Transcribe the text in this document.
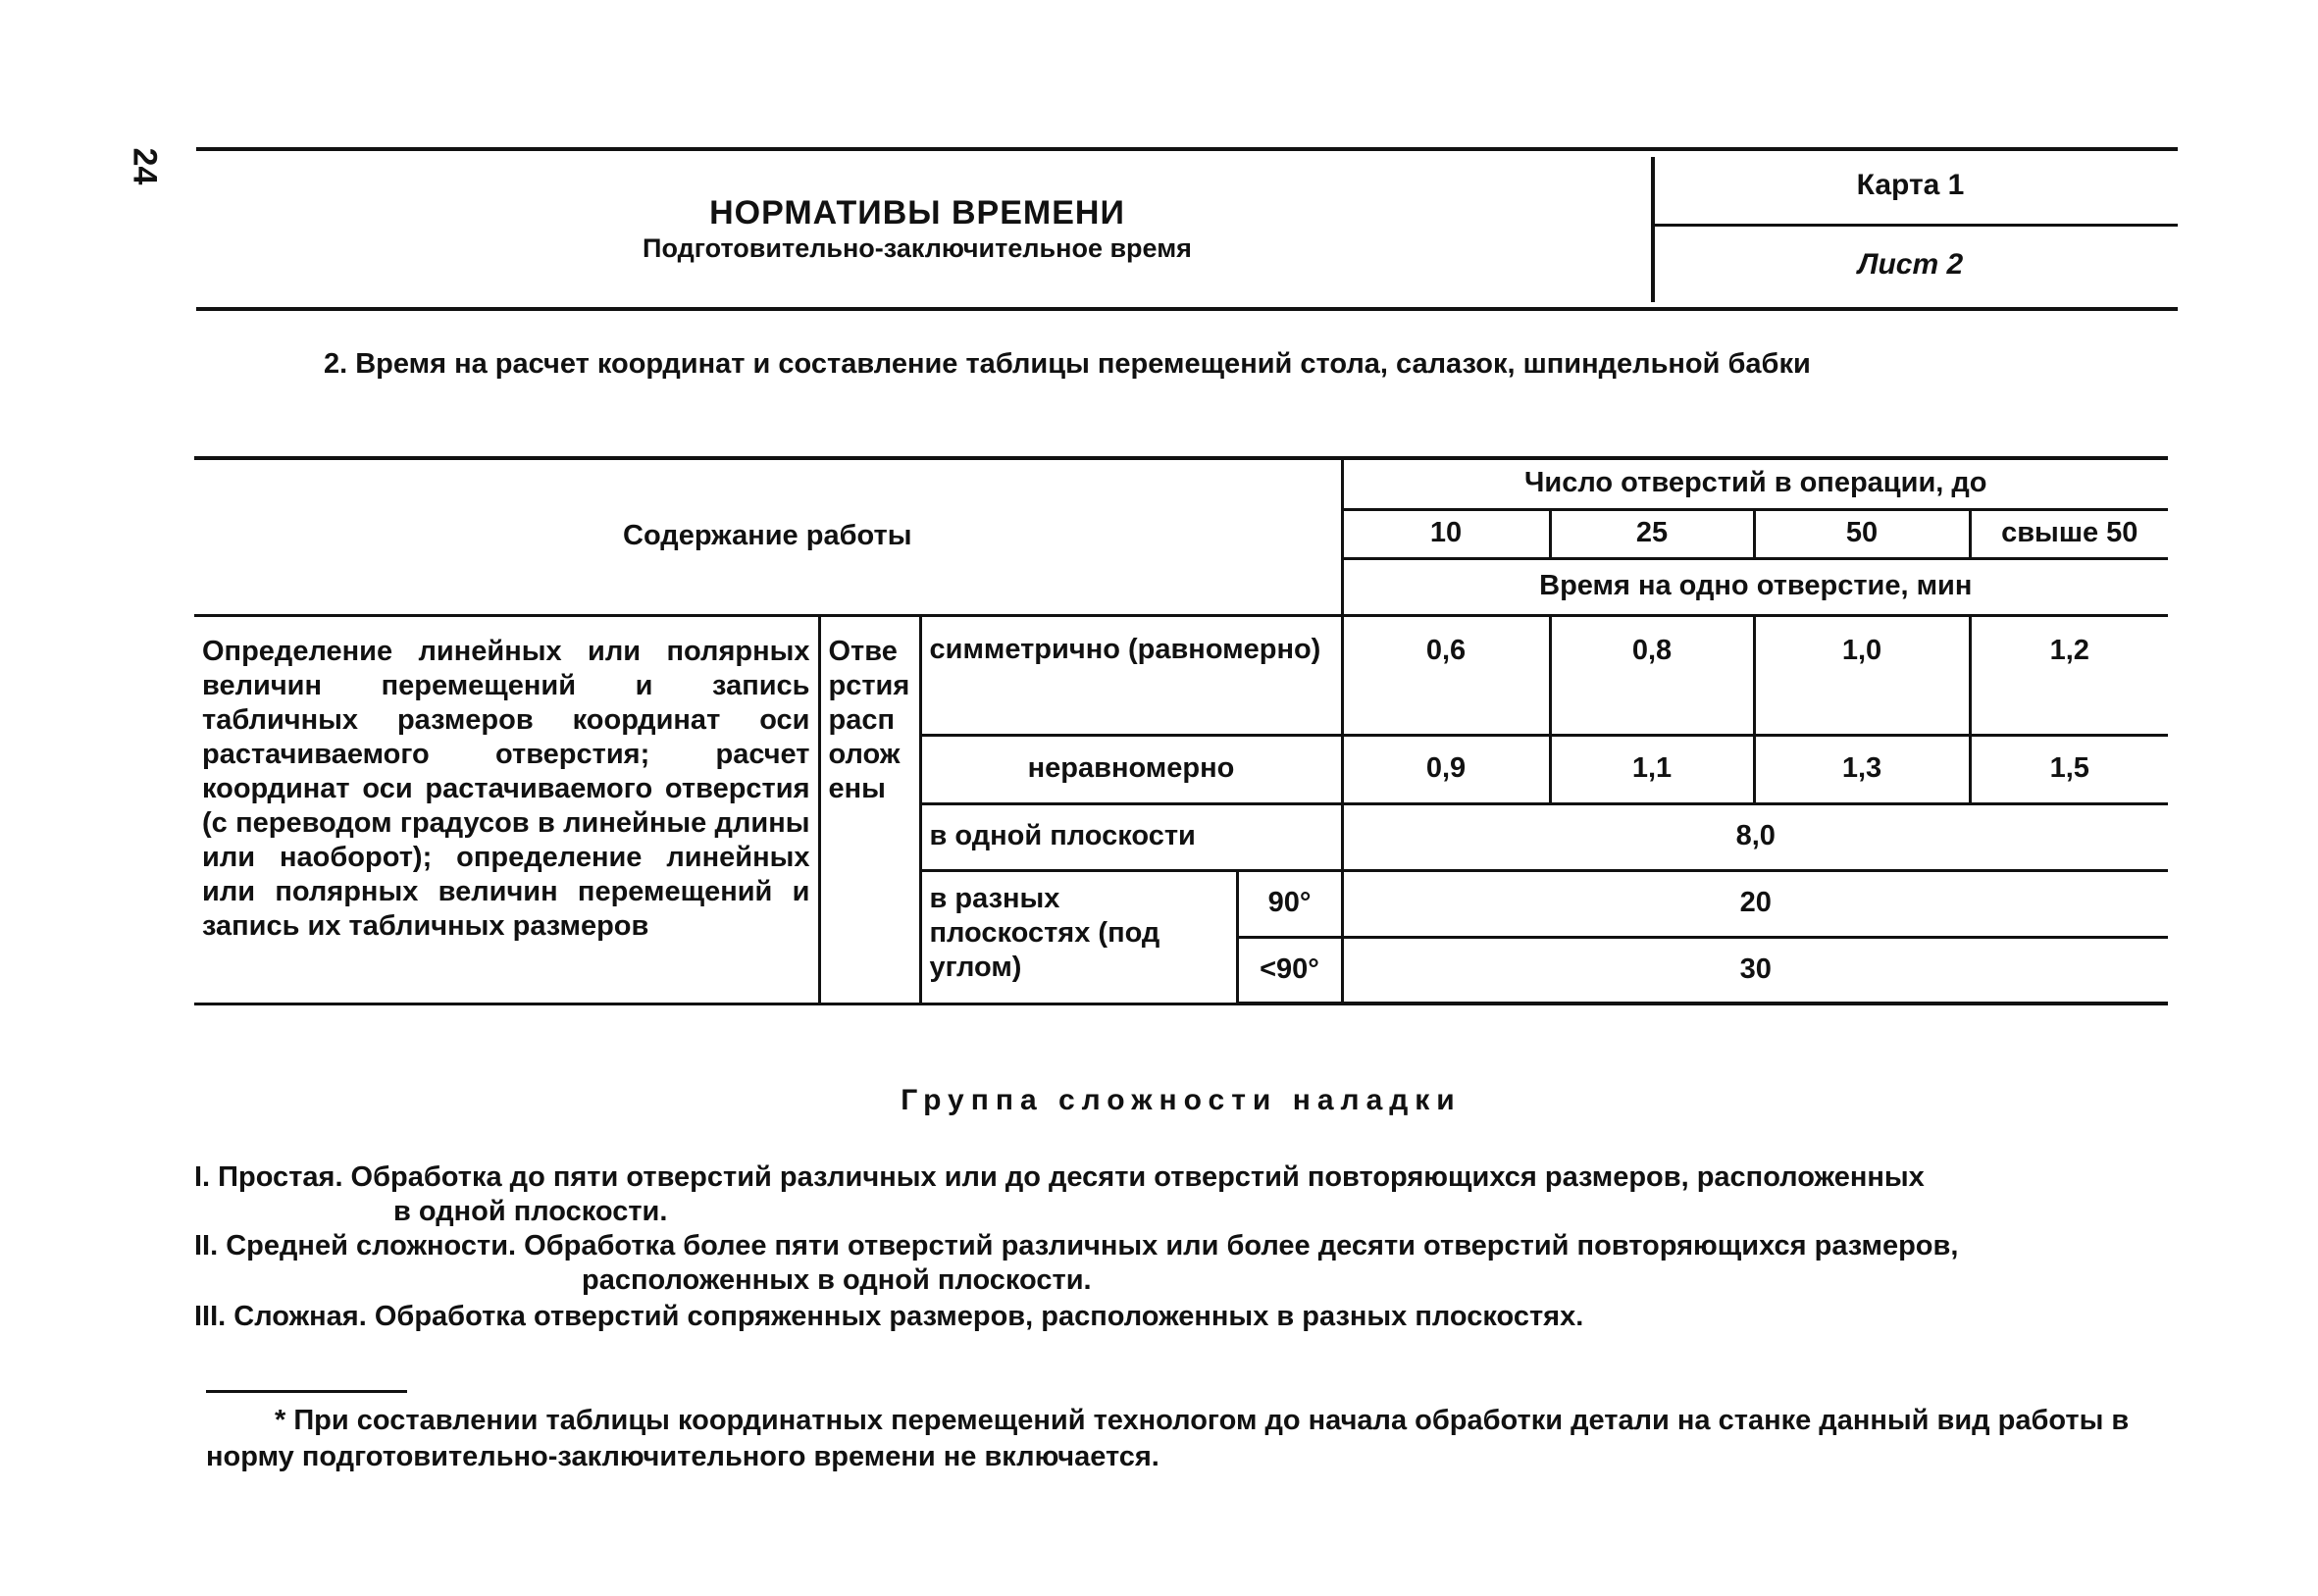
24
НОРМАТИВЫ ВРЕМЕНИ
Подготовительно-заключительное время
Карта 1
Лист 2
2. Время на расчет координат и составление таблицы перемещений стола, салазок, шпиндельной бабки
Содержание работы				Число отверстий в операции, до			
				10	25	50	свыше 50
				Время на одно отверстие, мин			
Определение линейных или полярных величин перемещений и запись табличных размеров координат оси растачиваемого отверстия; расчет координат оси растачиваемого отверстия (с переводом градусов в линейные длины или наоборот); определение линейных или полярных величин перемещений и запись их табличных размеров	Отверстия расположены	симметрично (равномерно)		0,6	0,8	1,0	1,2
		неравномерно		0,9	1,1	1,3	1,5
		в одной плоскости		8,0			
		в разных плоскостях (под углом)	90°	20			
			<90°	30			
Группа сложности наладки
I. Простая. Обработка до пяти отверстий различных или до десяти отверстий повторяющихся размеров, расположенных
в одной плоскости.
II. Средней сложности. Обработка более пяти отверстий различных или более десяти отверстий повторяющихся размеров,
расположенных в одной плоскости.
III. Сложная. Обработка отверстий сопряженных размеров, расположенных в разных плоскостях.
* При составлении таблицы координатных перемещений технологом до начала обработки детали на станке данный вид работы в норму подготовительно-заключительного времени не включается.
